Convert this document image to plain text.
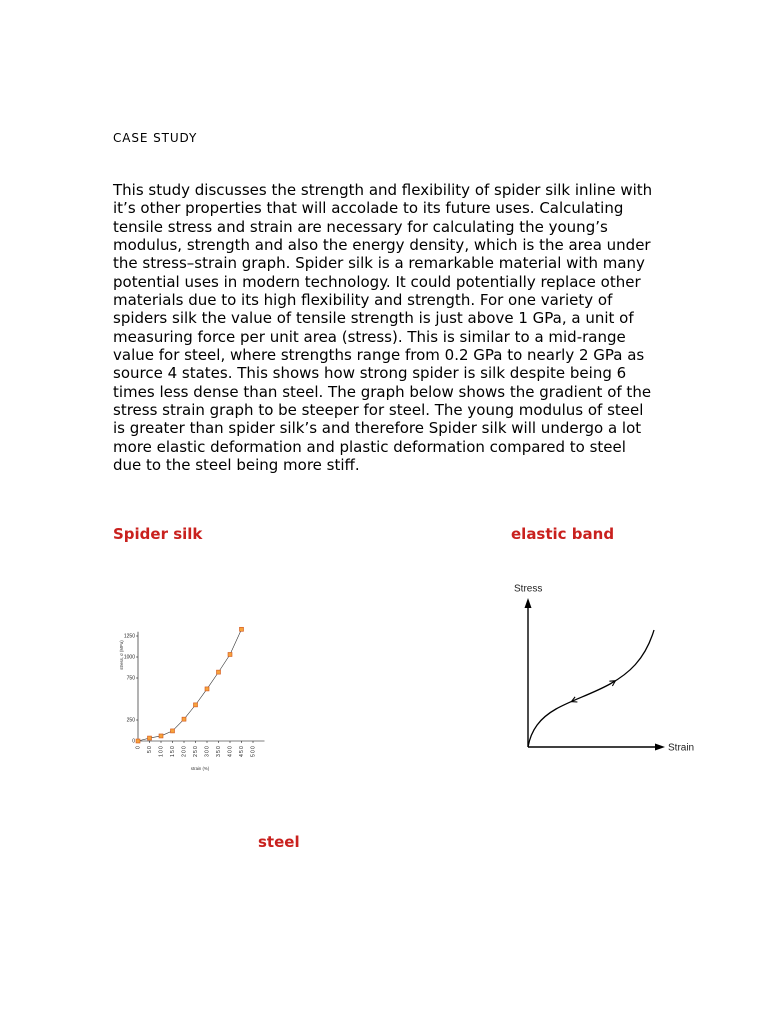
CASE STUDY
This study discusses the strength and flexibility of spider silk inline with
it’s other properties that will accolade to its future uses. Calculating
tensile stress and strain are necessary for calculating the young’s
modulus, strength and also the energy density, which is the area under
the stress–strain graph. Spider silk is a remarkable material with many
potential uses in modern technology. It could potentially replace other
materials due to its high flexibility and strength. For one variety of
spiders silk the value of tensile strength is just above 1 GPa, a unit of
measuring force per unit area (stress). This is similar to a mid-range
value for steel, where strengths range from 0.2 GPa to nearly 2 GPa as
source 4 states. This shows how strong spider is silk despite being 6
times less dense than steel. The graph below shows the gradient of the
stress strain graph to be steeper for steel. The young modulus of steel
is greater than spider silk’s and therefore Spider silk will undergo a lot
more elastic deformation and plastic deformation compared to steel
due to the steel being more stiff.
Spider silk	elastic band
steel
0
250
750
1000
1250
0 50 100 150 200 250 300 350 400 450 500
stress, σ (MPa)
strain (%)
Stress
Strain
